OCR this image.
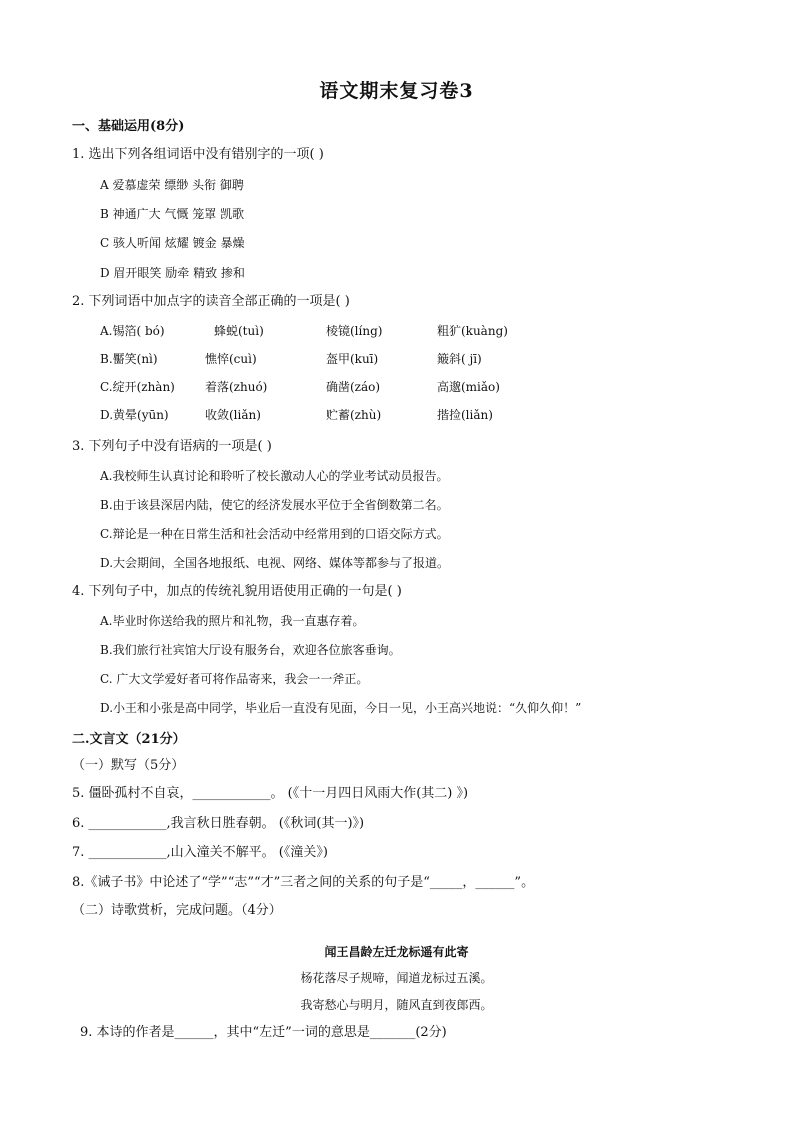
语文期末复习卷3
一、基础运用(8分)
1. 选出下列各组词语中没有错别字的一项( )
A 爱慕虚荣 缥缈 头衔 御聘
B 神通广大 气慨 笼罩 凯歌
C 骇人听闻 炫耀 镀金 暴燥
D 眉开眼笑 励牵 精致 掺和
2. 下列词语中加点字的读音全部正确的一项是( )
A.锡箔( bó)	蜂蜕(tuì)	棱镜(líng)	粗犷(kuàng)
B.靨笑(nì)	憔悴(cuì)	盔甲(kuī)	簸斜( jī)
C.绽开(zhàn)	着落(zhuó)	确凿(záo)	高邈(miǎo)
D.黄晕(yūn)	收敛(liǎn)	贮蓄(zhù)	揩捡(liǎn)
3. 下列句子中没有语病的一项是( )
A.我校师生认真讨论和聆听了校长激动人心的学业考试动员报告。
B.由于该县深居内陆，使它的经济发展水平位于全省倒数第二名。
C.辩论是一种在日常生活和社会活动中经常用到的口语交际方式。
D.大会期间，全国各地报纸、电视、网络、媒体等都参与了报道。
4. 下列句子中，加点的传统礼貌用语使用正确的一句是( )
A.毕业时你送给我的照片和礼物，我一直惠存着。
B.我们旅行社宾馆大厅设有服务台，欢迎各位旅客垂询。
C. 广大文学爱好者可将作品寄来，我会一一斧正。
D.小王和小张是高中同学，毕业后一直没有见面，今日一见，小王高兴地说：“久仰久仰！”
二.文言文（21分）
（一）默写（5分）
5. 僵卧孤村不自哀，____________。 (《十一月四日风雨大作(其二) 》)
6. ____________,我言秋日胜春朝。 (《秋词(其一)》)
7. ____________,山入潼关不解平。 (《潼关》)
8.《诫子书》中论述了“学”“志”“才”三者之间的关系的句子是“_____，______”。
（二）诗歌赏析，完成问题。（4分）
闻王昌龄左迁龙标遥有此寄
杨花落尽子规啼，闻道龙标过五溪。
我寄愁心与明月，随风直到夜郎西。
9. 本诗的作者是______，其中“左迁”一词的意思是_______(2分)
